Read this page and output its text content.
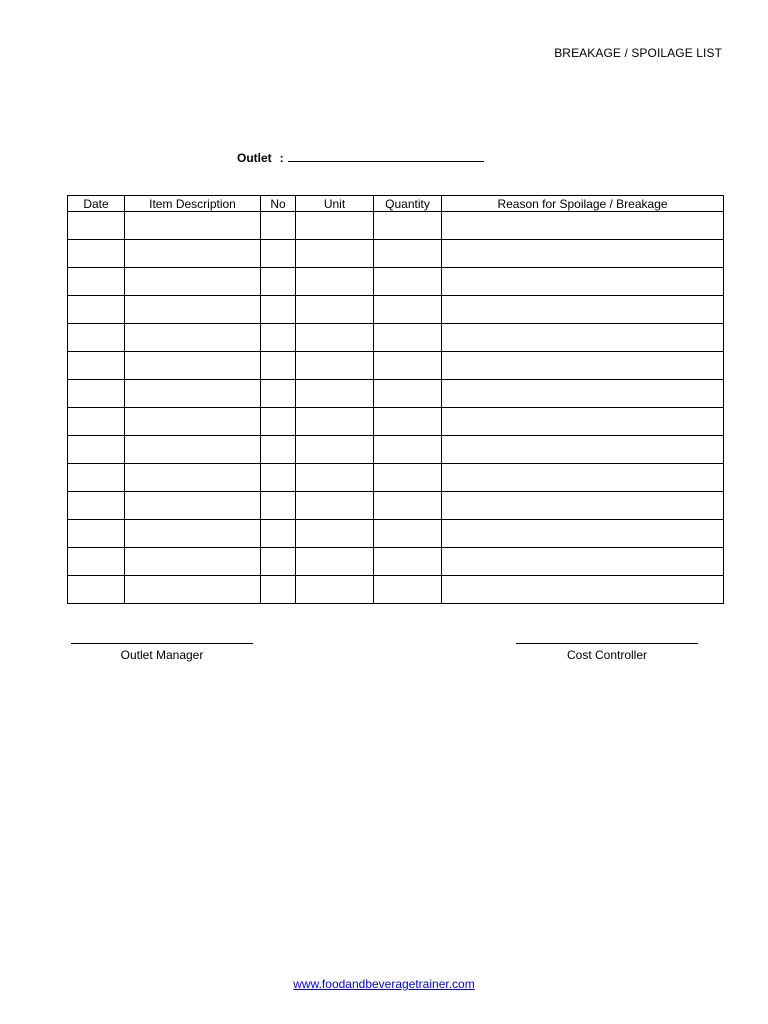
BREAKAGE / SPOILAGE LIST
Outlet :
Date	Item Description	No	Unit	Quantity	Reason for Spoilage / Breakage

Outlet Manager	Cost Controller
www.foodandbeveragetrainer.com
